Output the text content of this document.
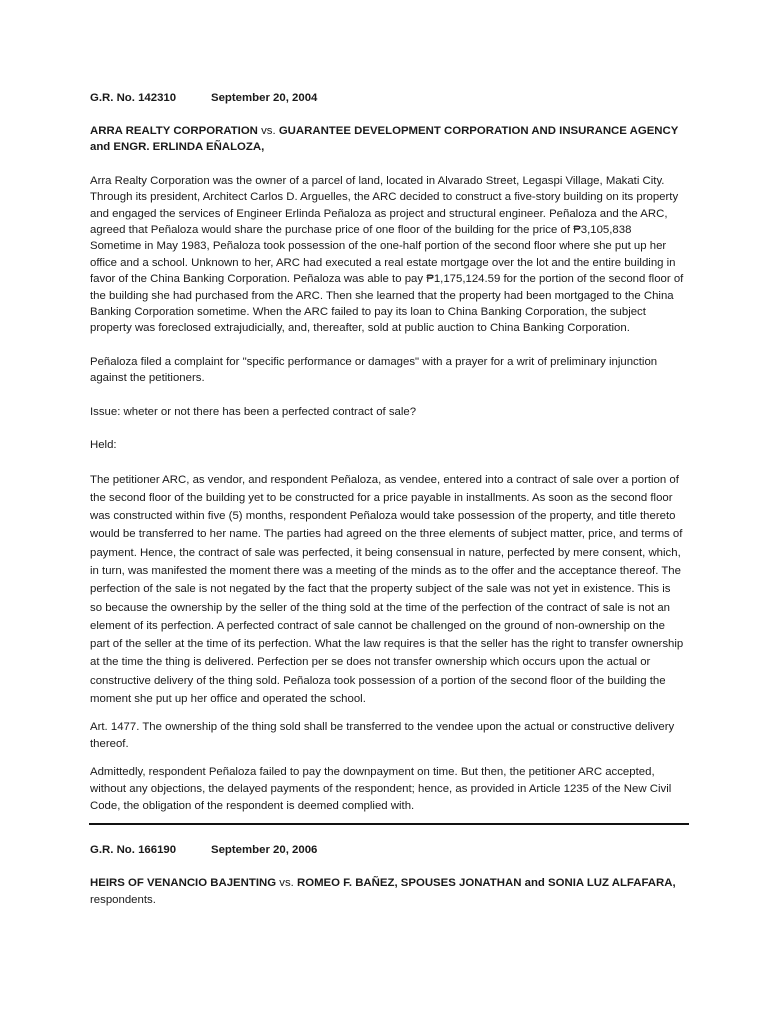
G.R. No. 142310	September 20, 2004
ARRA REALTY CORPORATION vs. GUARANTEE DEVELOPMENT CORPORATION AND INSURANCE AGENCY and ENGR. ERLINDA EÑALOZA,

Arra Realty Corporation was the owner of a parcel of land, located in Alvarado Street, Legaspi Village, Makati City. Through its president, Architect Carlos D. Arguelles, the ARC decided to construct a five-story building on its property and engaged the services of Engineer Erlinda Peñaloza as project and structural engineer. Peñaloza and the ARC, agreed that Peñaloza would share the purchase price of one floor of the building for the price of ₱3,105,838 Sometime in May 1983, Peñaloza took possession of the one-half portion of the second floor where she put up her office and a school. Unknown to her, ARC had executed a real estate mortgage over the lot and the entire building in favor of the China Banking Corporation. Peñaloza was able to pay ₱1,175,124.59 for the portion of the second floor of the building she had purchased from the ARC. Then she learned that the property had been mortgaged to the China Banking Corporation sometime. When the ARC failed to pay its loan to China Banking Corporation, the subject property was foreclosed extrajudicially, and, thereafter, sold at public auction to China Banking Corporation.

Peñaloza filed a complaint for "specific performance or damages" with a prayer for a writ of preliminary injunction against the petitioners.

Issue: wheter or not there has been a perfected contract of sale?

Held:

The petitioner ARC, as vendor, and respondent Peñaloza, as vendee, entered into a contract of sale over a portion of the second floor of the building yet to be constructed for a price payable in installments. As soon as the second floor was constructed within five (5) months, respondent Peñaloza would take possession of the property, and title thereto would be transferred to her name. The parties had agreed on the three elements of subject matter, price, and terms of payment. Hence, the contract of sale was perfected, it being consensual in nature, perfected by mere consent, which, in turn, was manifested the moment there was a meeting of the minds as to the offer and the acceptance thereof. The perfection of the sale is not negated by the fact that the property subject of the sale was not yet in existence. This is so because the ownership by the seller of the thing sold at the time of the perfection of the contract of sale is not an element of its perfection. A perfected contract of sale cannot be challenged on the ground of non-ownership on the part of the seller at the time of its perfection. What the law requires is that the seller has the right to transfer ownership at the time the thing is delivered. Perfection per se does not transfer ownership which occurs upon the actual or constructive delivery of the thing sold. Peñaloza took possession of a portion of the second floor of the building the moment she put up her office and operated the school.

Art. 1477. The ownership of the thing sold shall be transferred to the vendee upon the actual or constructive delivery thereof.

Admittedly, respondent Peñaloza failed to pay the downpayment on time. But then, the petitioner ARC accepted, without any objections, the delayed payments of the respondent; hence, as provided in Article 1235 of the New Civil Code, the obligation of the respondent is deemed complied with.

G.R. No. 166190	September 20, 2006
HEIRS OF VENANCIO BAJENTING vs. ROMEO F. BAÑEZ, SPOUSES JONATHAN and SONIA LUZ ALFAFARA, respondents.
